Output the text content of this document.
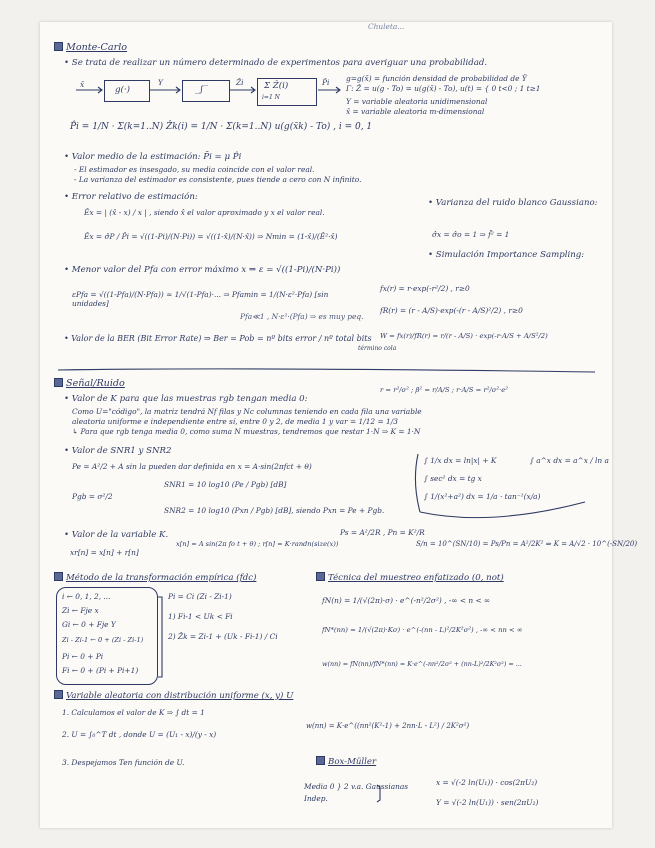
Chuleta...
Monte-Carlo
• Se trata de realizar un número determinado de experimentos para averiguar una probabilidad.
x̄
g(·)
Y
_∫‾
Ẑi Σ Ẑ(i)
i=1 N
P̂i g=g(x̄) = función densidad de probabilidad de Ÿ
Γ: Ẑ = u(g - To) = u(g(x̄) - To), u(t) = { 0 t<0 ; 1 t≥1
Y = variable aleatoria unidimensional
x̄ = variable aleatoria m-dimensional
P̂i = 1/N · Σ(k=1..N) Ẑk(i) = 1/N · Σ(k=1..N) u(g(x̄k) - To) , i = 0, 1
• Valor medio de la estimación: P̄i = μ P̂i
- El estimador es insesgado, su media coincide con el valor real.
- La varianza del estimador es consistente, pues tiende a cero con N infinito.
• Error relativo de estimación:
Êx = | (x̂ - x) / x | , siendo x̂ el valor aproximado y x el valor real.
Êx = σ̂P / P̂i = √((1-Pi)/(N·Pi)) = √((1-x̂)/(N·x̂)) ⇒ Nmin = (1-x̂)/(Ê²·x̂)
• Menor valor del Pfa con error máximo x ⇒ ε = √((1-Pi)/(N·Pi))
εPfa = √((1-Pfa)/(N·Pfa)) ≈ 1/√(1-Pfa)·... ⇒ Pfamin = 1/(N·ε²·Pfa) [sin unidades]
Pfa≪1 , N·ε²·(Pfa) ⇒ es muy peq.
• Valor de la BER (Bit Error Rate) ⇒ Ber = Pob = nº bits error / nº total bits
término cola
• Varianza del ruido blanco Gaussiano:
σ̂x = σ̂o = 1 ⇒ f̄² = 1
• Simulación Importance Sampling:
fx(r) = r·exp(-r²/2) , r≥0
fR(r) = (r - A/S)·exp(-(r - A/S)²/2) , r≥0
W = fx(r)/fR(r) = r/(r - A/S) · exp(-r·A/S + A/S²/2)
Señal/Ruido
• Valor de K para que las muestras rgb tengan media 0:
r = r²/σ² ; β² = r/A/S ; r·A/S = r²/σ²·e²
Como U="código", la matriz tendrá Nf filas y Nc columnas teniendo en cada fila una variable
aleatoria uniforme e independiente entre sí, entre 0 y 2, de media 1 y var = 1/12 = 1/3
↳ Para que rgb tenga media 0, como suma N muestras, tendremos que restar 1·N ⇒ K = 1·N
• Valor de SNR1 y SNR2
Pe = A²/2 + A sin la pueden dar definida en x = A·sin(2πfct + θ)
Pgb = σ²/2
SNR1 = 10 log10 (Pe / Pgb) [dB]
SNR2 = 10 log10 (Pxn / Pgb) [dB], siendo Pxn = Pe + Pgb.
∫ 1/x dx = ln|x| + K	∫ a^x dx = a^x / ln a
∫ sec² dx = tg x
∫ 1/(x²+a²) dx = 1/a · tan⁻¹(x/a)
• Valor de la variable K.
xr[n] = x[n] + r[n]
x[n] = A sin(2π fo t + θ) ; r[n] = K·randn(size(x))
Ps = A²/2R , Pn = K²/R
S/n = 10^(SN/10) = Ps/Pn = A²/2K² ⇒ K = A/√2 · 10^(-SN/20)
Método de la transformación empírica (fdc)
i ← 0, 1, 2, ...
Zi ← Fje x
Gi ← 0 + Fje Y
Zi - Zi-1 ← 0 + (Zi - Zi-1)
Pi ← 0 + Pi
Fi ← 0 + (Pi + Pi+1)
Pi = Ci (Zi - Zi-1)
1) Fi-1 < Uk < Fi
2) Ẑk = Zi-1 + (Uk - Fi-1) / Ci
Técnica del muestreo enfatizado (0, not)
fN(n) = 1/(√(2π)·σ) · e^(-n²/2σ²) , -∞ < n < ∞
fN*(nn) = 1/(√(2π)·Kσ) · e^(-(nn - L)²/2K²σ²) , -∞ < nn < ∞
w(nn) = fN(nn)/fN*(nn) = K·e^(-nn²/2σ² + (nn-L)²/2K²σ²) = ...
w(nn) = K·e^((nn²(K²-1) + 2nn·L - L²) / 2K²σ²)
Variable aleatoria con distribución uniforme (x, y) U
1. Calculamos el valor de K ⇒ ∫ dt = 1
2. U = ∫₀^T dt , donde U = (U₁ - x)/(y - x)
3. Despejamos Ten función de U.	Box-Müller
Media 0 } 2 v.a. Gaussianas
Indep.
x = √(-2 ln(U₁)) · cos(2πU₂)
Y = √(-2 ln(U₁)) · sen(2πU₂)
